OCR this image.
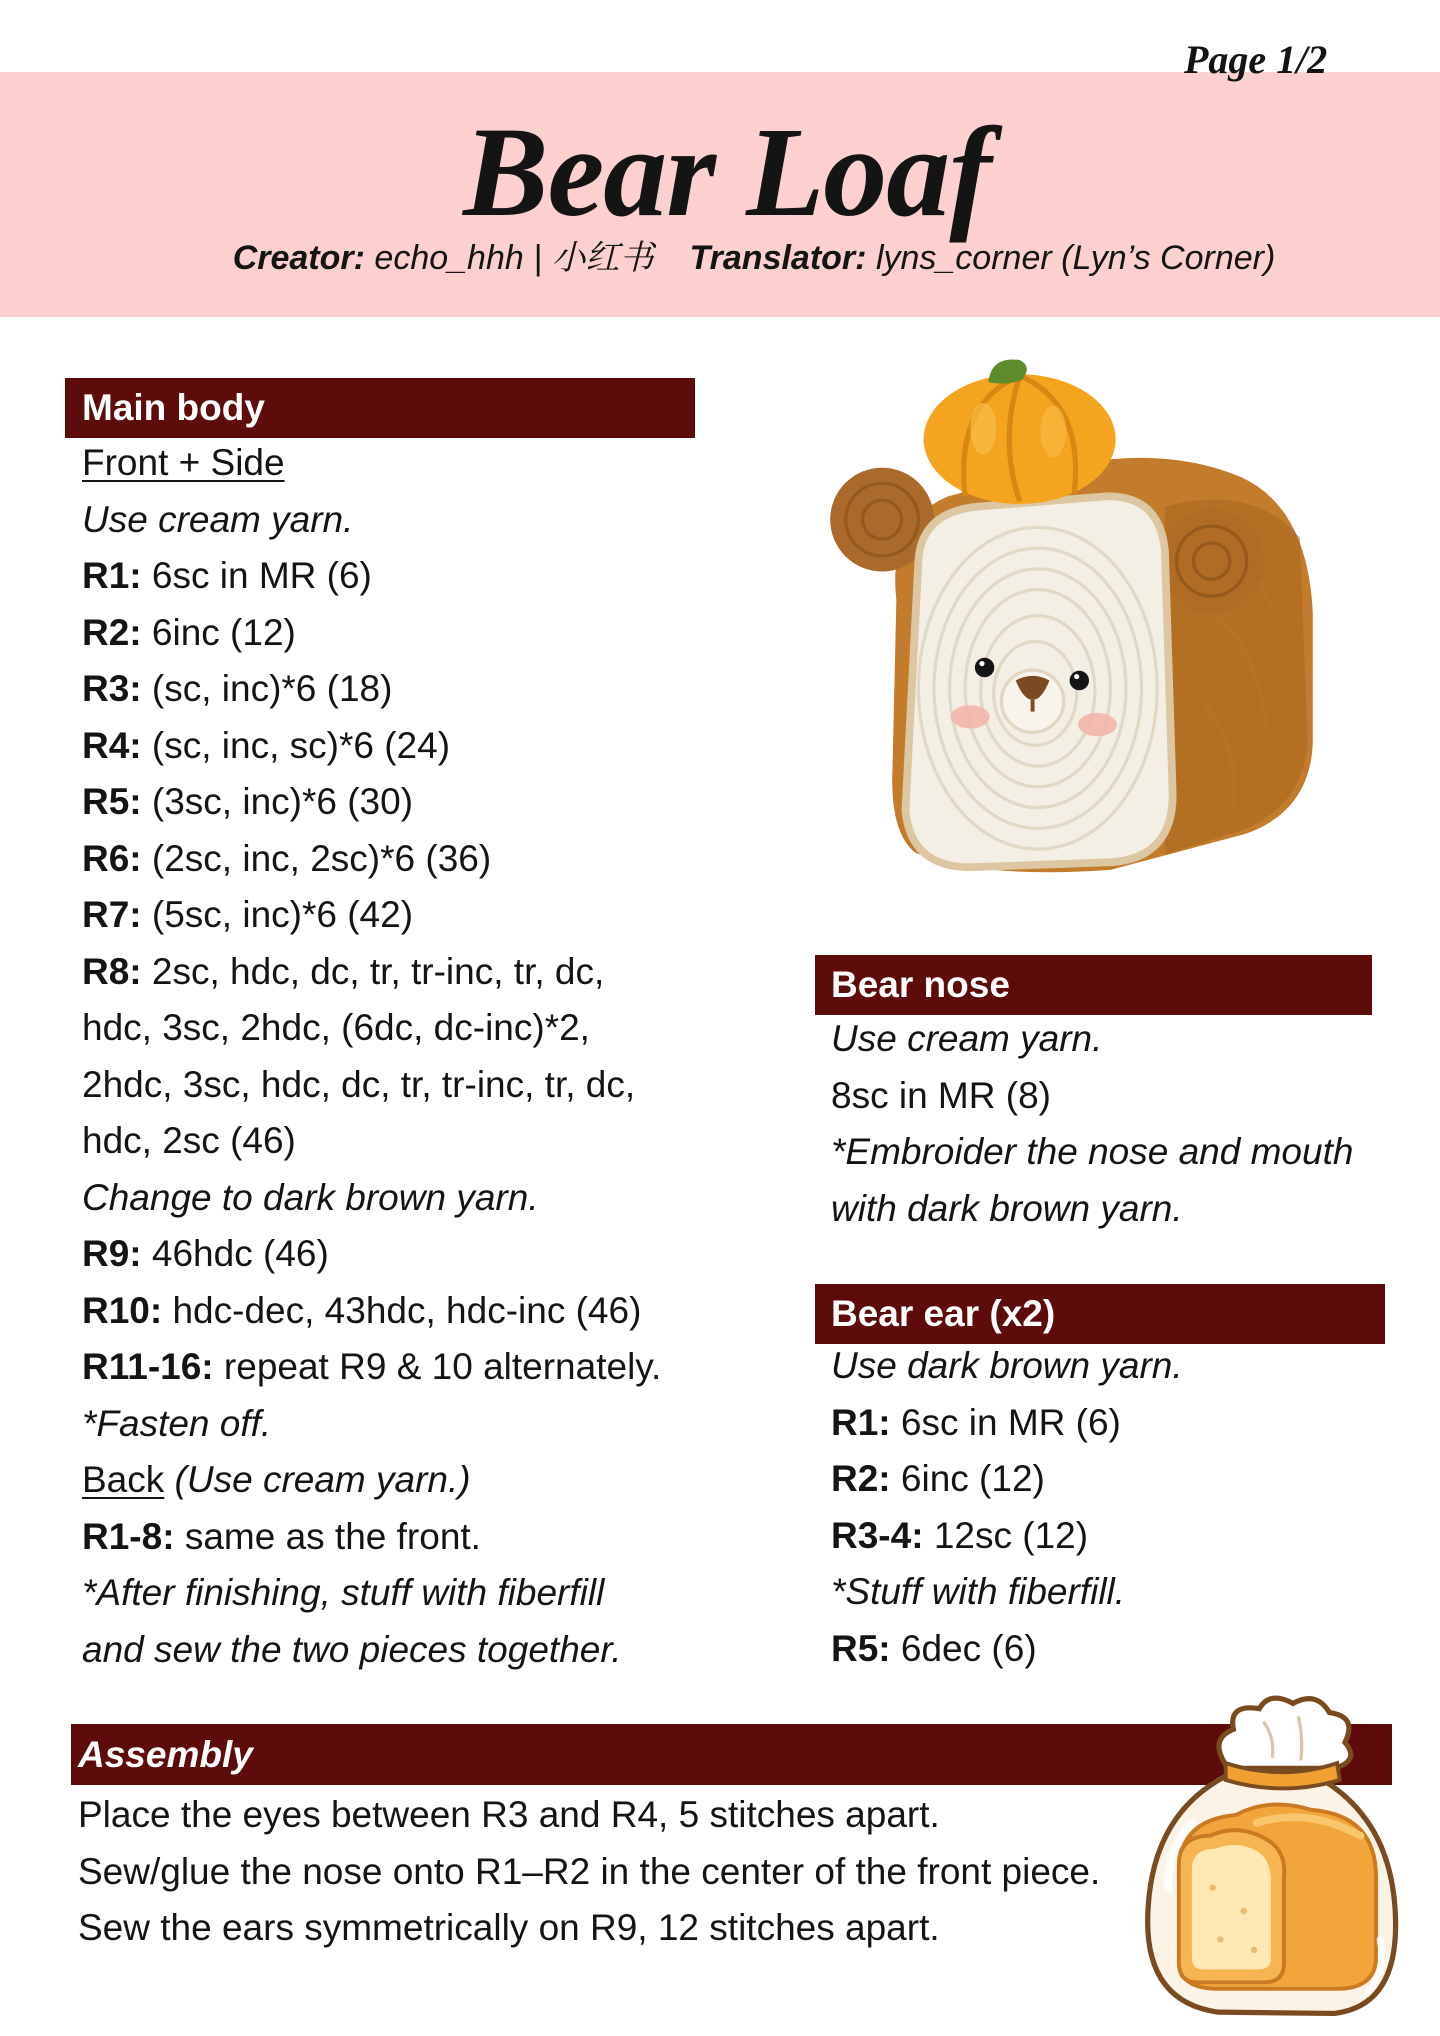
Page 1/2
Bear Loaf
Creator: echo_hhh | 小红书 Translator: lyns_corner (Lyn’s Corner)
Main body
Front + Side
Use cream yarn.
R1: 6sc in MR (6)
R2: 6inc (12)
R3: (sc, inc)*6 (18)
R4: (sc, inc, sc)*6 (24)
R5: (3sc, inc)*6 (30)
R6: (2sc, inc, 2sc)*6 (36)
R7: (5sc, inc)*6 (42)
R8: 2sc, hdc, dc, tr, tr-inc, tr, dc,
hdc, 3sc, 2hdc, (6dc, dc-inc)*2,
2hdc, 3sc, hdc, dc, tr, tr-inc, tr, dc,
hdc, 2sc (46)
Change to dark brown yarn.
R9: 46hdc (46)
R10: hdc-dec, 43hdc, hdc-inc (46)
R11-16: repeat R9 & 10 alternately.
*Fasten off.
Back (Use cream yarn.)
R1-8: same as the front.
*After finishing, stuff with fiberfill
and sew the two pieces together.
Bear nose
Use cream yarn.
8sc in MR (8)
*Embroider the nose and mouth
with dark brown yarn.
Bear ear (x2)
Use dark brown yarn.
R1: 6sc in MR (6)
R2: 6inc (12)
R3-4: 12sc (12)
*Stuff with fiberfill.
R5: 6dec (6)
Assembly
Place the eyes between R3 and R4, 5 stitches apart.
Sew/glue the nose onto R1–R2 in the center of the front piece.
Sew the ears symmetrically on R9, 12 stitches apart.
